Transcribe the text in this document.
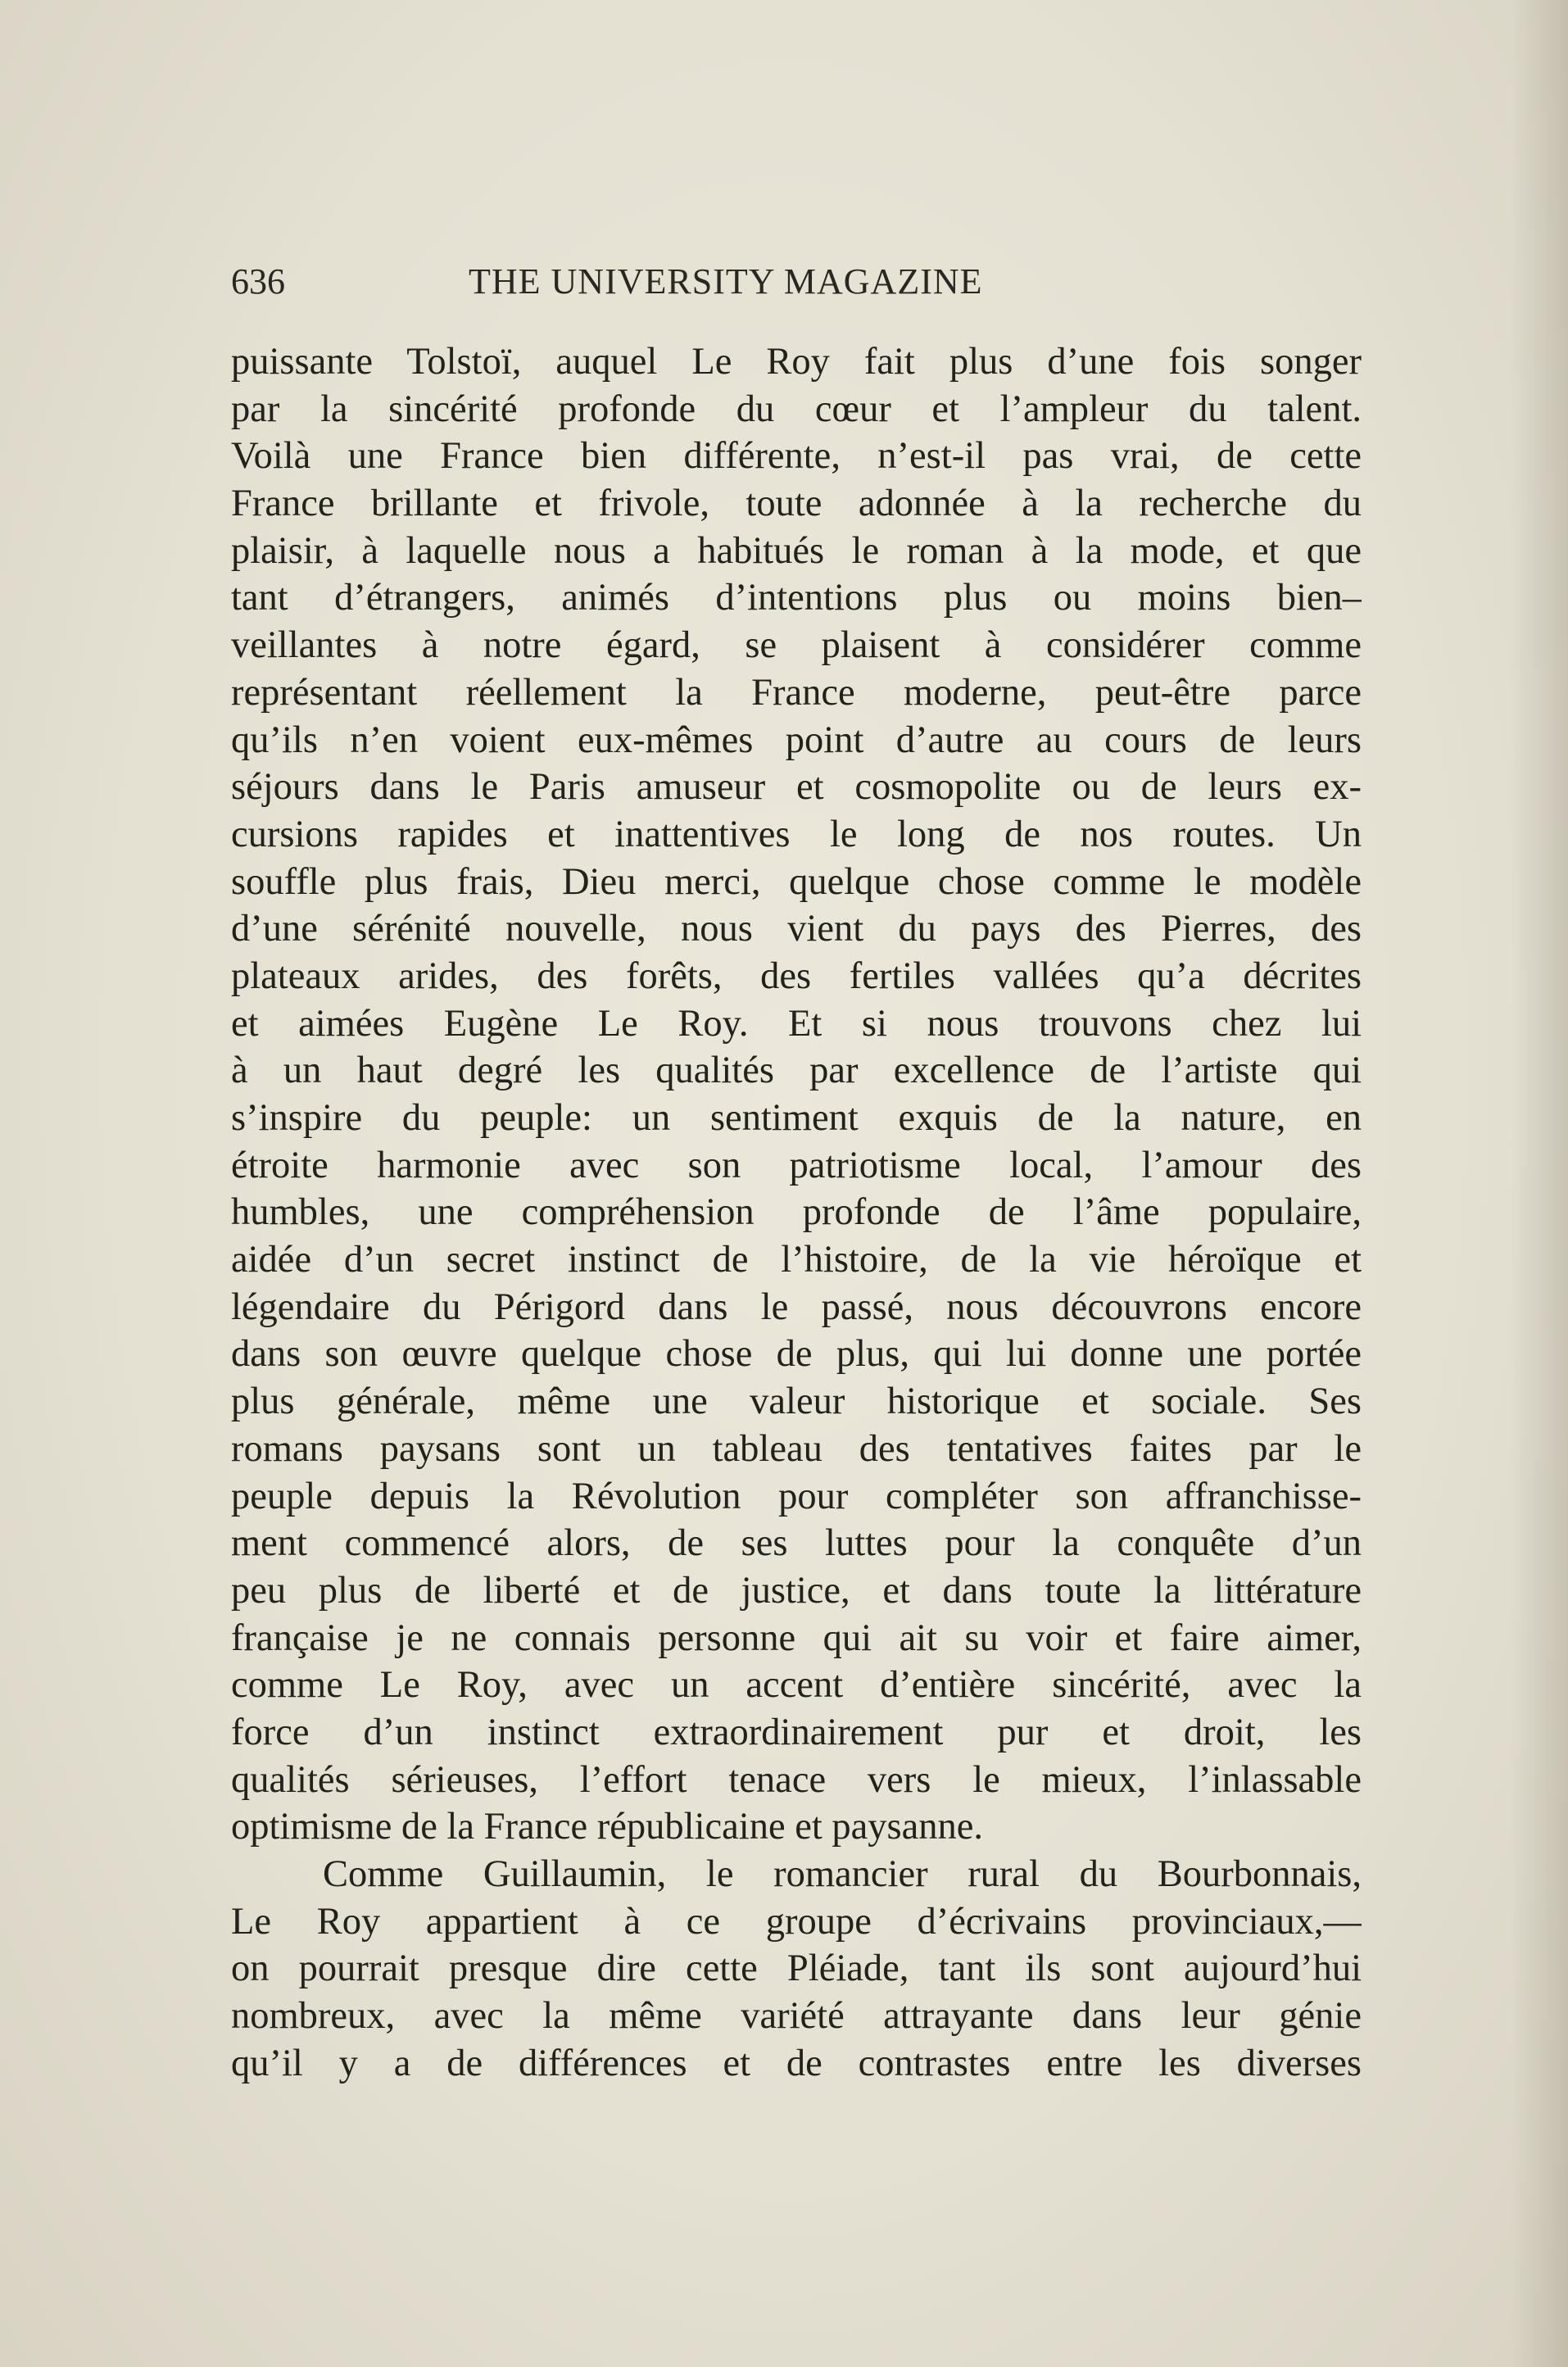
636	THE UNIVERSITY MAGAZINE
puissante Tolstoï, auquel Le Roy fait plus d’une fois songer
par la sincérité profonde du cœur et l’ampleur du talent.
Voilà une France bien différente, n’est-il pas vrai, de cette
France brillante et frivole, toute adonnée à la recherche du
plaisir, à laquelle nous a habitués le roman à la mode, et que
tant d’étrangers, animés d’intentions plus ou moins bien–
veillantes à notre égard, se plaisent à considérer comme
représentant réellement la France moderne, peut-être parce
qu’ils n’en voient eux-mêmes point d’autre au cours de leurs
séjours dans le Paris amuseur et cosmopolite ou de leurs ex-
cursions rapides et inattentives le long de nos routes. Un
souffle plus frais, Dieu merci, quelque chose comme le modèle
d’une sérénité nouvelle, nous vient du pays des Pierres, des
plateaux arides, des forêts, des fertiles vallées qu’a décrites
et aimées Eugène Le Roy. Et si nous trouvons chez lui
à un haut degré les qualités par excellence de l’artiste qui
s’inspire du peuple: un sentiment exquis de la nature, en
étroite harmonie avec son patriotisme local, l’amour des
humbles, une compréhension profonde de l’âme populaire,
aidée d’un secret instinct de l’histoire, de la vie héroïque et
légendaire du Périgord dans le passé, nous découvrons encore
dans son œuvre quelque chose de plus, qui lui donne une portée
plus générale, même une valeur historique et sociale. Ses
romans paysans sont un tableau des tentatives faites par le
peuple depuis la Révolution pour compléter son affranchisse-
ment commencé alors, de ses luttes pour la conquête d’un
peu plus de liberté et de justice, et dans toute la littérature
française je ne connais personne qui ait su voir et faire aimer,
comme Le Roy, avec un accent d’entière sincérité, avec la
force d’un instinct extraordinairement pur et droit, les
qualités sérieuses, l’effort tenace vers le mieux, l’inlassable
optimisme de la France républicaine et paysanne.
Comme Guillaumin, le romancier rural du Bourbonnais,
Le Roy appartient à ce groupe d’écrivains provinciaux,—
on pourrait presque dire cette Pléiade, tant ils sont aujourd’hui
nombreux, avec la même variété attrayante dans leur génie
qu’il y a de différences et de contrastes entre les diverses
